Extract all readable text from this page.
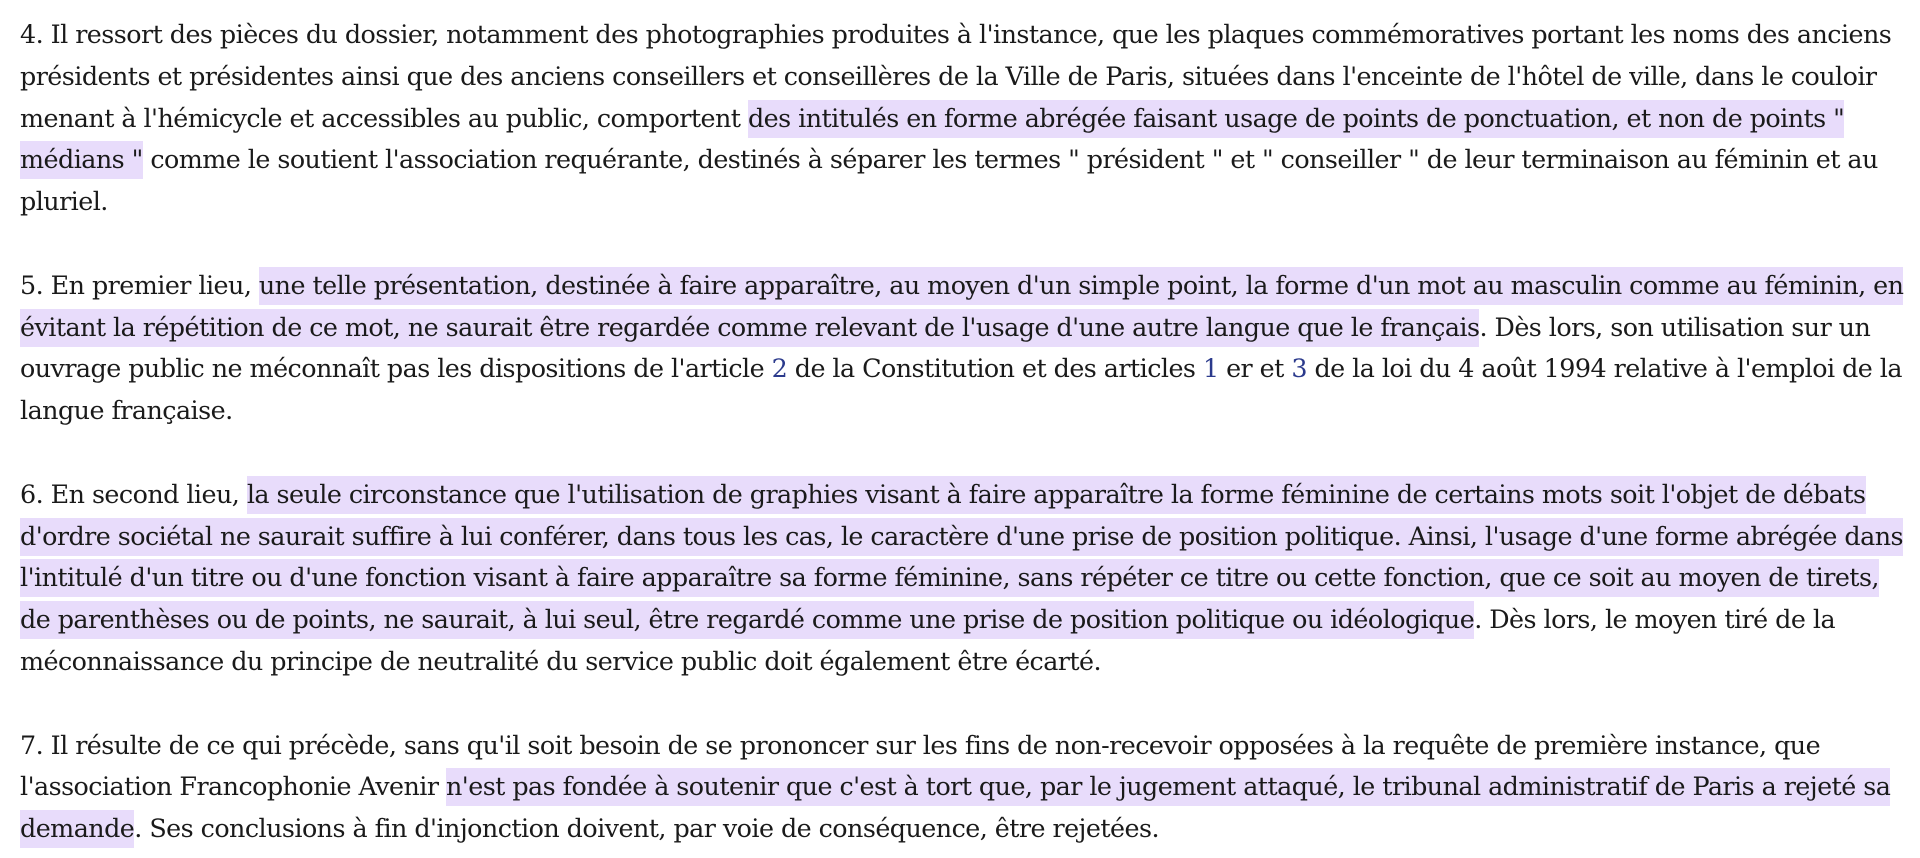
4. Il ressort des pièces du dossier, notamment des photographies produites à l'instance, que les plaques commémoratives portant les noms des anciens présidents et présidentes ainsi que des anciens conseillers et conseillères de la Ville de Paris, situées dans l'enceinte de l'hôtel de ville, dans le couloir menant à l'hémicycle et accessibles au public, comportent des intitulés en forme abrégée faisant usage de points de ponctuation, et non de points " médians " comme le soutient l'association requérante, destinés à séparer les termes " président " et " conseiller " de leur terminaison au féminin et au pluriel.

5. En premier lieu, une telle présentation, destinée à faire apparaître, au moyen d'un simple point, la forme d'un mot au masculin comme au féminin, en évitant la répétition de ce mot, ne saurait être regardée comme relevant de l'usage d'une autre langue que le français. Dès lors, son utilisation sur un ouvrage public ne méconnaît pas les dispositions de l'article 2 de la Constitution et des articles 1 er et 3 de la loi du 4 août 1994 relative à l'emploi de la langue française.

6. En second lieu, la seule circonstance que l'utilisation de graphies visant à faire apparaître la forme féminine de certains mots soit l'objet de débats d'ordre sociétal ne saurait suffire à lui conférer, dans tous les cas, le caractère d'une prise de position politique. Ainsi, l'usage d'une forme abrégée dans l'intitulé d'un titre ou d'une fonction visant à faire apparaître sa forme féminine, sans répéter ce titre ou cette fonction, que ce soit au moyen de tirets, de parenthèses ou de points, ne saurait, à lui seul, être regardé comme une prise de position politique ou idéologique. Dès lors, le moyen tiré de la méconnaissance du principe de neutralité du service public doit également être écarté.

7. Il résulte de ce qui précède, sans qu'il soit besoin de se prononcer sur les fins de non-recevoir opposées à la requête de première instance, que l'association Francophonie Avenir n'est pas fondée à soutenir que c'est à tort que, par le jugement attaqué, le tribunal administratif de Paris a rejeté sa demande. Ses conclusions à fin d'injonction doivent, par voie de conséquence, être rejetées.
